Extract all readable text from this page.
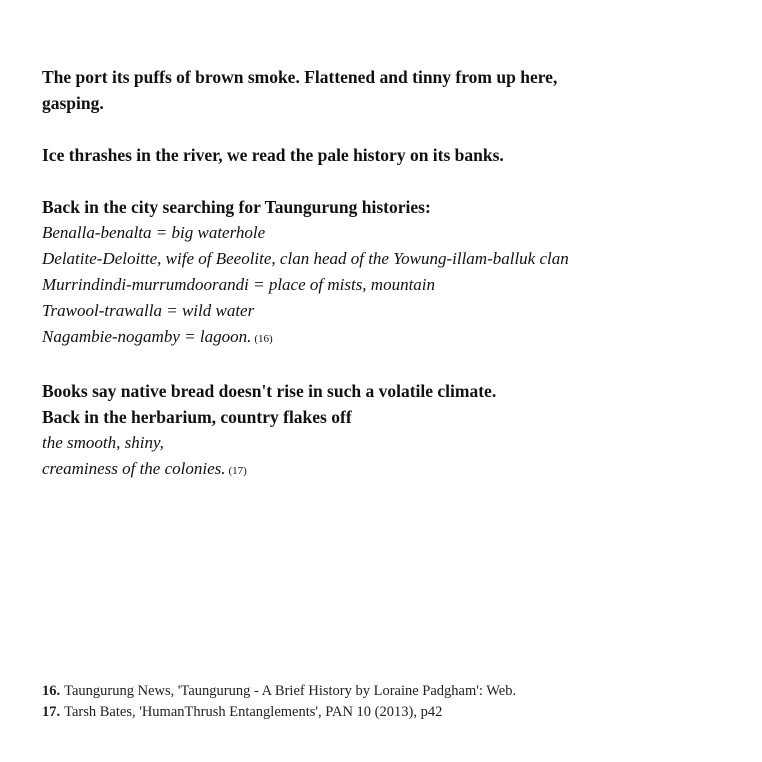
The port its puffs of brown smoke. Flattened and tinny from up here, gasping.
Ice thrashes in the river, we read the pale history on its banks.
Back in the city searching for Taungurung histories:
Benalla-benalta = big waterhole
Delatite-Deloitte, wife of Beeolite, clan head of the Yowung-illam-balluk clan
Murrindindi-murrumdoorandi = place of mists, mountain
Trawool-trawalla = wild water
Nagambie-nogamby = lagoon. (16)
Books say native bread doesn't rise in such a volatile climate.
Back in the herbarium, country flakes off
the smooth, shiny,
creaminess of the colonies. (17)
16. Taungurung News, 'Taungurung - A Brief History by Loraine Padgham': Web.
17. Tarsh Bates, 'HumanThrush Entanglements', PAN 10 (2013), p42
